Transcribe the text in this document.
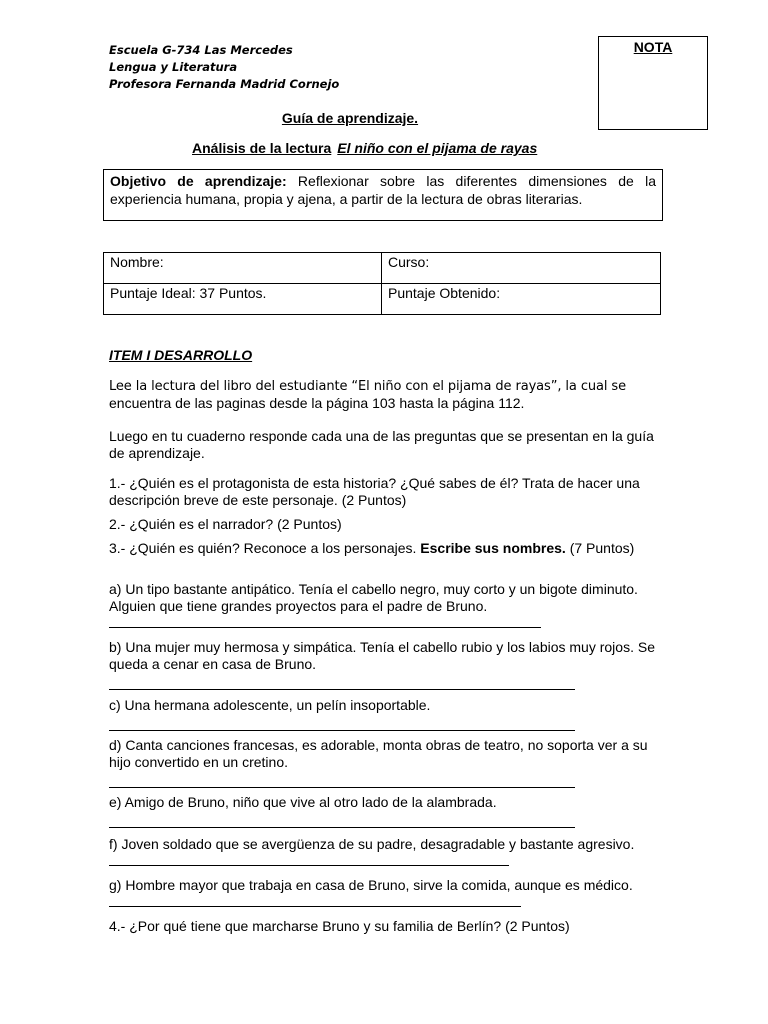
Escuela G-734 Las Mercedes
Lengua y Literatura
Profesora Fernanda Madrid Cornejo
NOTA
Guía de aprendizaje.
Análisis de la lectura El niño con el pijama de rayas
Objetivo de aprendizaje: Reflexionar sobre las diferentes dimensiones de la experiencia humana, propia y ajena, a partir de la lectura de obras literarias.
Nombre:	Curso:
Puntaje Ideal: 37 Puntos.	Puntaje Obtenido:
ITEM I DESARROLLO
Lee la lectura del libro del estudiante “El niño con el pijama de rayas”, la cual se
encuentra de las paginas desde la página 103 hasta la página 112.
Luego en tu cuaderno responde cada una de las preguntas que se presentan en la guía de aprendizaje.
1.- ¿Quién es el protagonista de esta historia? ¿Qué sabes de él? Trata de hacer una descripción breve de este personaje. (2 Puntos)
2.- ¿Quién es el narrador? (2 Puntos)
3.- ¿Quién es quién? Reconoce a los personajes. Escribe sus nombres. (7 Puntos)
a) Un tipo bastante antipático. Tenía el cabello negro, muy corto y un bigote diminuto. Alguien que tiene grandes proyectos para el padre de Bruno.
b) Una mujer muy hermosa y simpática. Tenía el cabello rubio y los labios muy rojos. Se queda a cenar en casa de Bruno.
c) Una hermana adolescente, un pelín insoportable.
d) Canta canciones francesas, es adorable, monta obras de teatro, no soporta ver a su hijo convertido en un cretino.
e) Amigo de Bruno, niño que vive al otro lado de la alambrada.
f) Joven soldado que se avergüenza de su padre, desagradable y bastante agresivo.
g) Hombre mayor que trabaja en casa de Bruno, sirve la comida, aunque es médico.
4.- ¿Por qué tiene que marcharse Bruno y su familia de Berlín? (2 Puntos)
